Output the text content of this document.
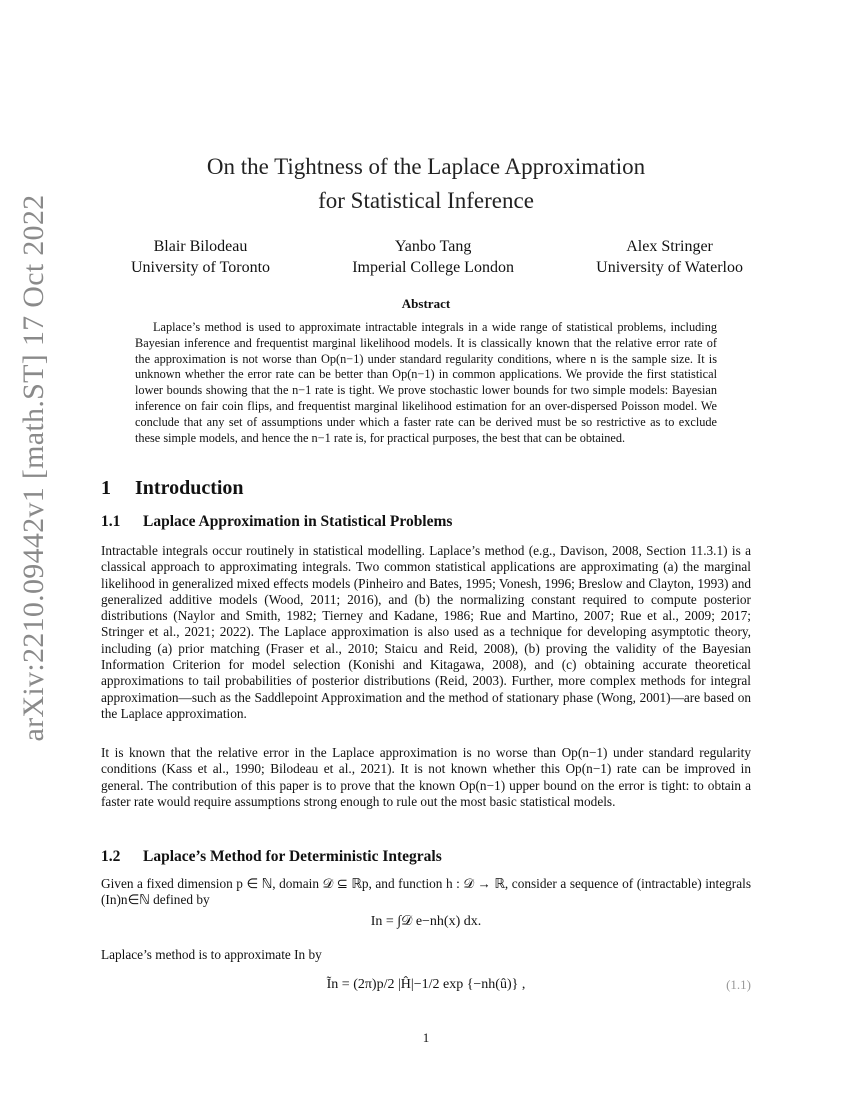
arXiv:2210.09442v1 [math.ST] 17 Oct 2022
On the Tightness of the Laplace Approximation
for Statistical Inference
Blair Bilodeau
University of Toronto
Yanbo Tang
Imperial College London
Alex Stringer
University of Waterloo
Abstract
Laplace’s method is used to approximate intractable integrals in a wide range of statistical problems, including Bayesian inference and frequentist marginal likelihood models. It is classically known that the relative error rate of the approximation is not worse than Op(n−1) under standard regularity conditions, where n is the sample size. It is unknown whether the error rate can be better than Op(n−1) in common applications. We provide the first statistical lower bounds showing that the n−1 rate is tight. We prove stochastic lower bounds for two simple models: Bayesian inference on fair coin flips, and frequentist marginal likelihood estimation for an over-dispersed Poisson model. We conclude that any set of assumptions under which a faster rate can be derived must be so restrictive as to exclude these simple models, and hence the n−1 rate is, for practical purposes, the best that can be obtained.
1 Introduction
1.1 Laplace Approximation in Statistical Problems

Intractable integrals occur routinely in statistical modelling. Laplace’s method (e.g., Davison, 2008, Section 11.3.1) is a classical approach to approximating integrals. Two common statistical applications are approximating (a) the marginal likelihood in generalized mixed effects models (Pinheiro and Bates, 1995; Vonesh, 1996; Breslow and Clayton, 1993) and generalized additive models (Wood, 2011; 2016), and (b) the normalizing constant required to compute posterior distributions (Naylor and Smith, 1982; Tierney and Kadane, 1986; Rue and Martino, 2007; Rue et al., 2009; 2017; Stringer et al., 2021; 2022). The Laplace approximation is also used as a technique for developing asymptotic theory, including (a) prior matching (Fraser et al., 2010; Staicu and Reid, 2008), (b) proving the validity of the Bayesian Information Criterion for model selection (Konishi and Kitagawa, 2008), and (c) obtaining accurate theoretical approximations to tail probabilities of posterior distributions (Reid, 2003). Further, more complex methods for integral approximation—such as the Saddlepoint Approximation and the method of stationary phase (Wong, 2001)—are based on the Laplace approximation.

It is known that the relative error in the Laplace approximation is no worse than Op(n−1) under standard regularity conditions (Kass et al., 1990; Bilodeau et al., 2021). It is not known whether this Op(n−1) rate can be improved in general. The contribution of this paper is to prove that the known Op(n−1) upper bound on the error is tight: to obtain a faster rate would require assumptions strong enough to rule out the most basic statistical models.

1.2 Laplace’s Method for Deterministic Integrals

Given a fixed dimension p ∈ ℕ, domain 𝒟 ⊆ ℝp, and function h : 𝒟 → ℝ, consider a sequence of (intractable) integrals (In)n∈ℕ defined by

In = ∫𝒟 e−nh(x) dx.

Laplace’s method is to approximate In by

Ĩn = (2π)p/2 |Ĥ|−1/2 exp {−nh(û)} ,	(1.1)
1
